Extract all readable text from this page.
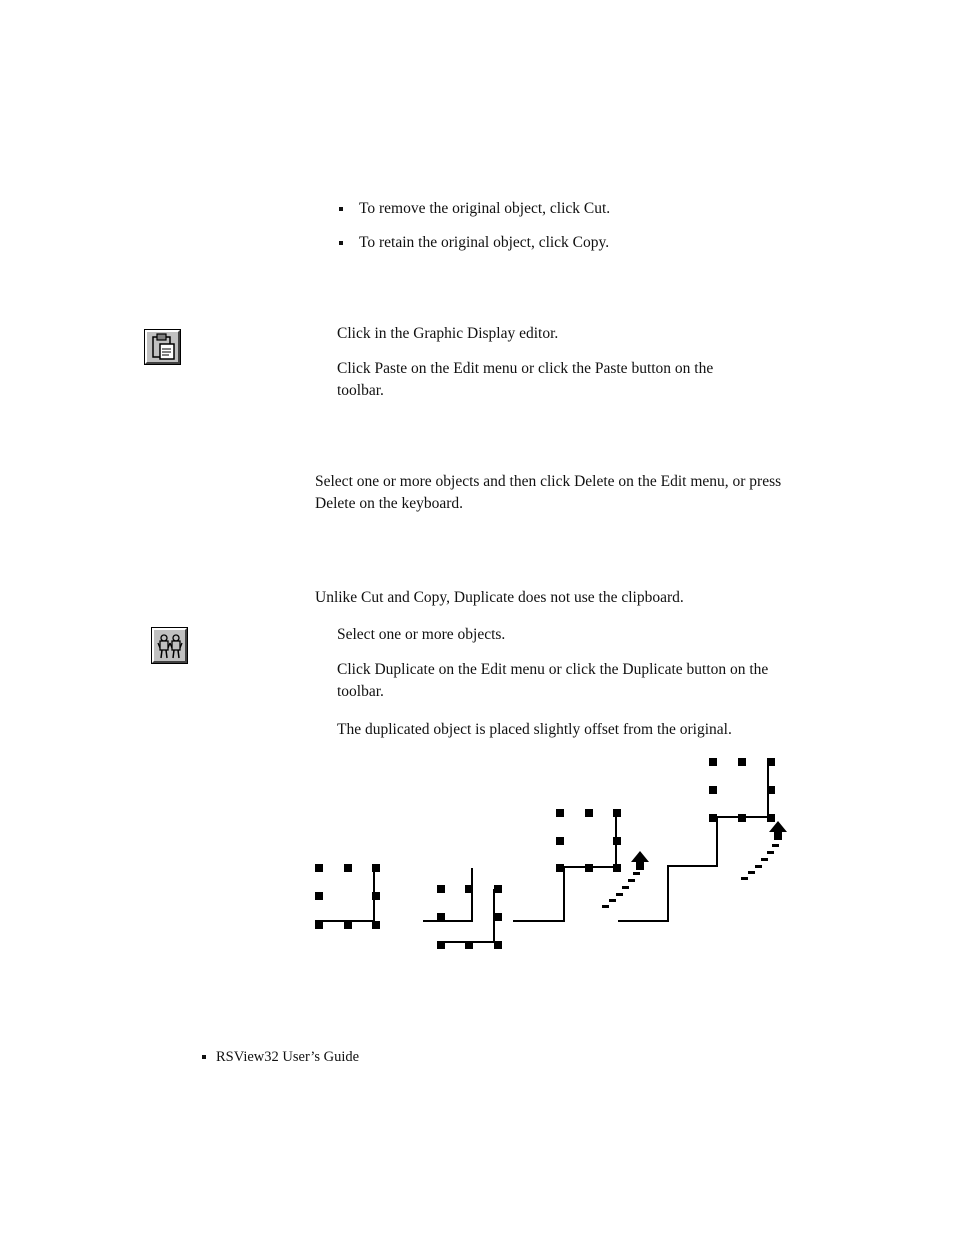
To remove the original object, click Cut.
To retain the original object, click Copy.
Click in the Graphic Display editor.
Click Paste on the Edit menu or click the Paste button on the toolbar.
Select one or more objects and then click Delete on the Edit menu, or press Delete on the keyboard.
Unlike Cut and Copy, Duplicate does not use the clipboard.
Select one or more objects.
Click Duplicate on the Edit menu or click the Duplicate button on the toolbar.
The duplicated object is placed slightly offset from the original.
RSView32 User’s Guide
